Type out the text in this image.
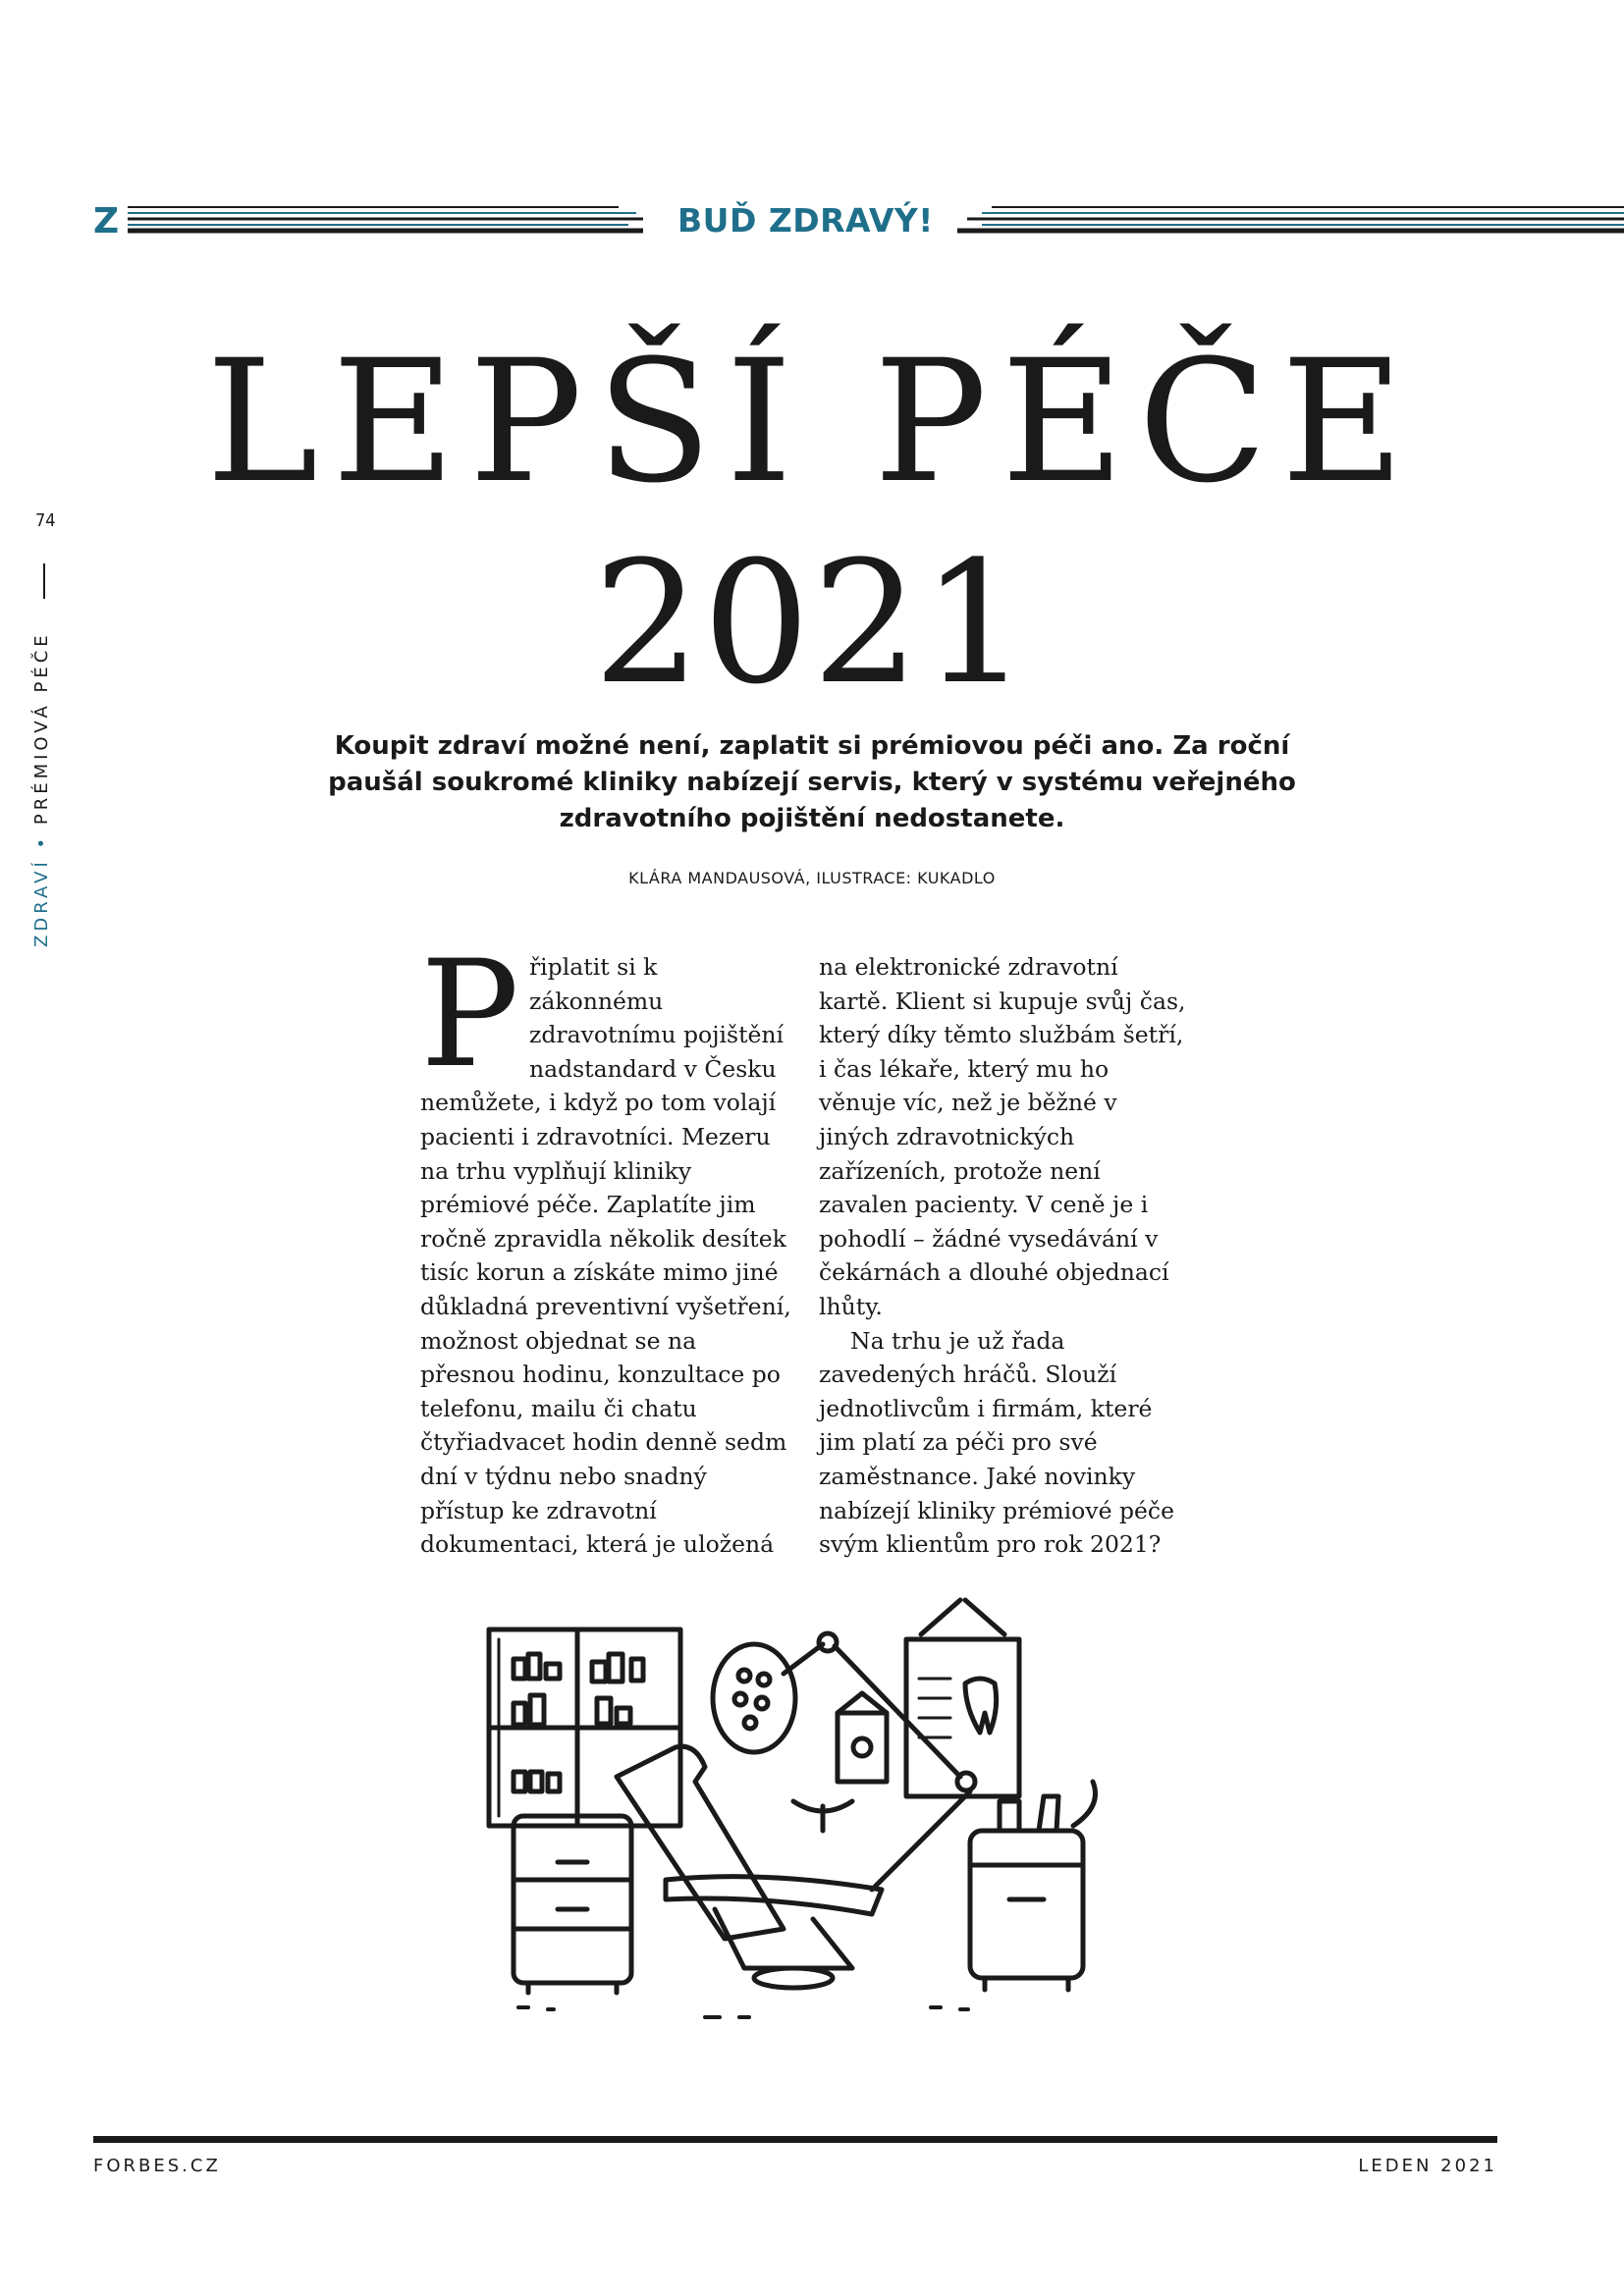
Z	BUĎ ZDRAVÝ!
74
ZDRAVÍ • PRÉMIOVÁ PÉČE
LEPŠÍ PÉČE
2021
Koupit zdraví možné není, zaplatit si prémiovou péči ano. Za roční paušál soukromé kliniky nabízejí servis, který v systému veřejného zdravotního pojištění nedostanete.
KLÁRA MANDAUSOVÁ, ILUSTRACE: KUKADLO
P řiplatit si k zákonnému zdravotnímu pojištění nadstandard v Česku nemůžete, i když po tom volají pacienti i zdravotníci. Mezeru na trhu vyplňují kliniky prémiové péče. Zaplatíte jim ročně zpravidla několik desítek tisíc korun a získáte mimo jiné důkladná preventivní vyšetření, možnost objednat se na přesnou hodinu, konzultace po telefonu, mailu či chatu čtyřiadvacet hodin denně sedm dní v týdnu nebo snadný přístup ke zdravotní dokumentaci, která je uložená

na elektronické zdravotní kartě. Klient si kupuje svůj čas, který díky těmto službám šetří, i čas lékaře, který mu ho věnuje víc, než je běžné v jiných zdravotnických zařízeních, protože není zavalen pacienty. V ceně je i pohodlí – žádné vysedávání v čekárnách a dlouhé objednací lhůty.

Na trhu je už řada zavedených hráčů. Slouží jednotlivcům i firmám, které jim platí za péči pro své zaměstnance. Jaké novinky nabízejí kliniky prémiové péče svým klientům pro rok 2021?

FORBES.CZ	LEDEN 2021
